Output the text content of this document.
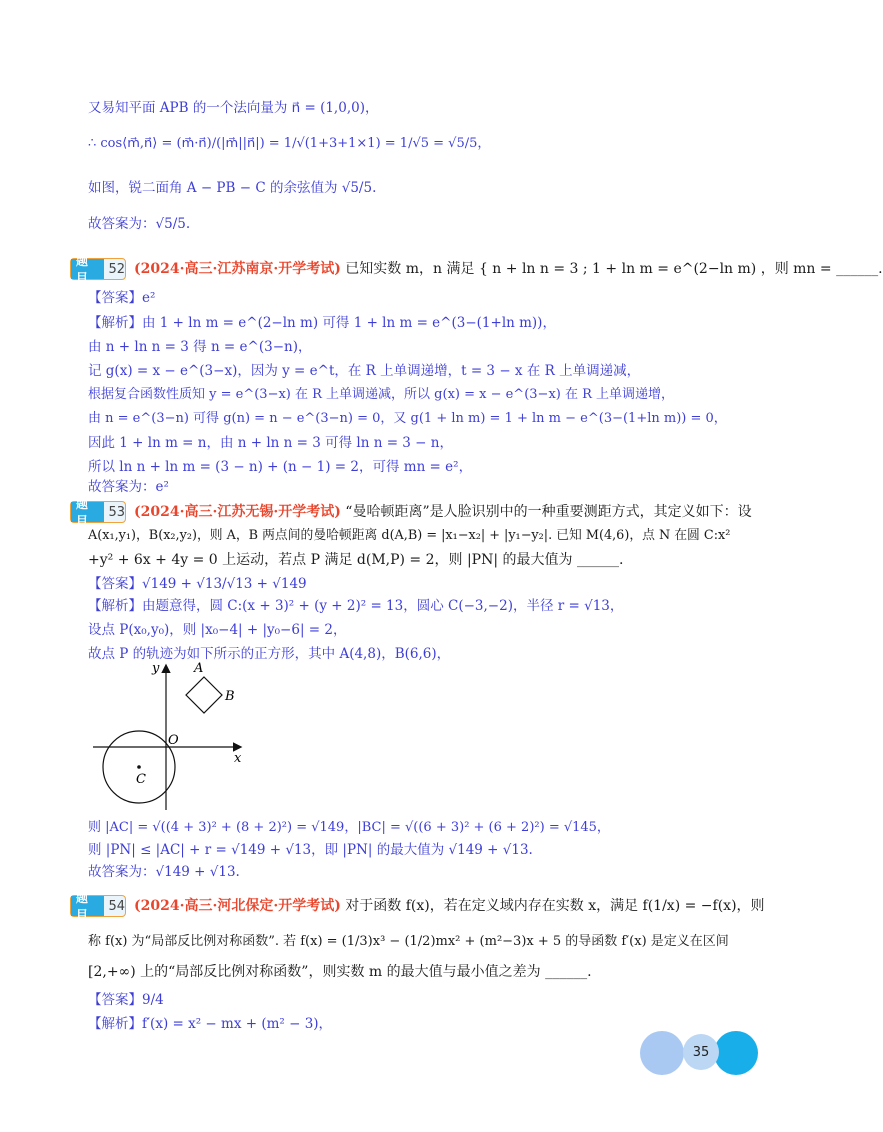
又易知平面 APB 的一个法向量为 n⃗ = (1,0,0)，
∴ cos⟨m⃗,n⃗⟩ = (m⃗·n⃗)/(|m⃗||n⃗|) = 1/√(1+3+1×1) = 1/√5 = √5/5，
如图，锐二面角 A − PB − C 的余弦值为 √5/5.
故答案为：√5/5.
题目
52 (2024·高三·江苏南京·开学考试) 已知实数 m，n 满足 { n + ln n = 3 ; 1 + ln m = e^(2−ln m) ，则 mn = ______.
【答案】e²
【解析】由 1 + ln m = e^(2−ln m) 可得 1 + ln m = e^(3−(1+ln m))，
由 n + ln n = 3 得 n = e^(3−n)，
记 g(x) = x − e^(3−x)，因为 y = e^t，在 R 上单调递增，t = 3 − x 在 R 上单调递减，
根据复合函数性质知 y = e^(3−x) 在 R 上单调递减，所以 g(x) = x − e^(3−x) 在 R 上单调递增，
由 n = e^(3−n) 可得 g(n) = n − e^(3−n) = 0，又 g(1 + ln m) = 1 + ln m − e^(3−(1+ln m)) = 0，
因此 1 + ln m = n，由 n + ln n = 3 可得 ln n = 3 − n，
所以 ln n + ln m = (3 − n) + (n − 1) = 2，可得 mn = e²，
故答案为：e²
题目
53 (2024·高三·江苏无锡·开学考试) “曼哈顿距离”是人脸识别中的一种重要测距方式，其定义如下：设
A(x₁,y₁)，B(x₂,y₂)，则 A，B 两点间的曼哈顿距离 d(A,B) = |x₁−x₂| + |y₁−y₂|. 已知 M(4,6)，点 N 在圆 C:x²
+y² + 6x + 4y = 0 上运动，若点 P 满足 d(M,P) = 2，则 |PN| 的最大值为 ______.
【答案】√149 + √13/√13 + √149
【解析】由题意得，圆 C:(x + 3)² + (y + 2)² = 13，圆心 C(−3,−2)，半径 r = √13，
设点 P(x₀,y₀)，则 |x₀−4| + |y₀−6| = 2，
故点 P 的轨迹为如下所示的正方形，其中 A(4,8)，B(6,6)，
y
x
O
A
B
C
则 |AC| = √((4 + 3)² + (8 + 2)²) = √149，|BC| = √((6 + 3)² + (6 + 2)²) = √145，
则 |PN| ≤ |AC| + r = √149 + √13，即 |PN| 的最大值为 √149 + √13.
故答案为：√149 + √13.
题目
54 (2024·高三·河北保定·开学考试) 对于函数 f(x)，若在定义域内存在实数 x，满足 f(1/x) = −f(x)，则
称 f(x) 为“局部反比例对称函数”. 若 f(x) = (1/3)x³ − (1/2)mx² + (m²−3)x + 5 的导函数 f′(x) 是定义在区间
[2,+∞) 上的“局部反比例对称函数”，则实数 m 的最大值与最小值之差为 ______.
【答案】9/4
【解析】f′(x) = x² − mx + (m² − 3)，
35
